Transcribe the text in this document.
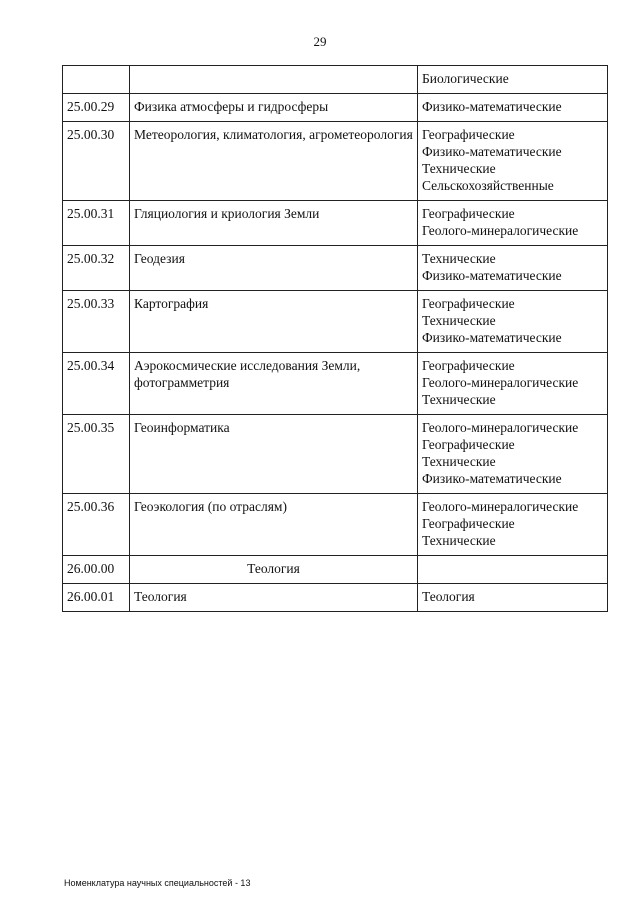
29

		Биологические

25.00.29	Физика атмосферы и гидросферы	Физико-математические

25.00.30	Метеорология, климатология, агрометеорология	Географические
Физико-математические
Технические
Сельскохозяйственные

25.00.31	Гляциология и криология Земли	Географические
Геолого-минералогические

25.00.32	Геодезия	Технические
Физико-математические

25.00.33	Картография	Географические
Технические
Физико-математические

25.00.34	Аэрокосмические исследования Земли, фотограмметрия	Географические
Геолого-минералогические
Технические

25.00.35	Геоинформатика	Геолого-минералогические
Географические
Технические
Физико-математические

25.00.36	Геоэкология (по отраслям)	Геолого-минералогические
Географические
Технические

26.00.00	Теология	
26.00.01	Теология	Теология
Номенклатура научных специальностей - 13
